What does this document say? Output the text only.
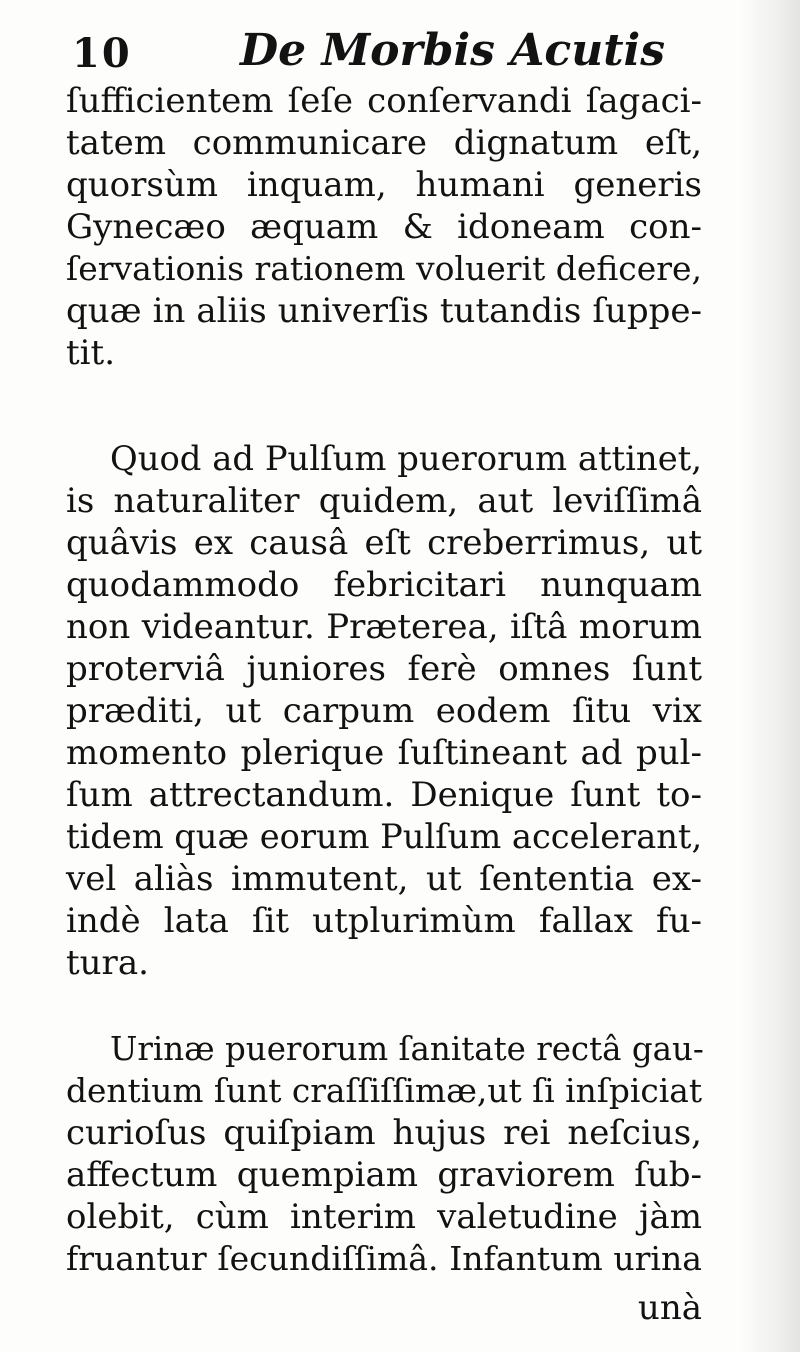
10 De Morbis Acutis

ſufficientem ſeſe conſervandi ſagaci-
tatem communicare dignatum eſt,
quorsùm inquam, humani generis
Gynecæo æquam & idoneam con-
ſervationis rationem voluerit deficere,
quæ in aliis univerſis tutandis ſuppe-
tit.

Quod ad Pulſum puerorum attinet,
is naturaliter quidem, aut leviſſimâ
quâvis ex causâ eſt creberrimus, ut
quodammodo febricitari nunquam
non videantur. Præterea, iſtâ morum
proterviâ juniores ferè omnes ſunt
præditi, ut carpum eodem ſitu vix
momento plerique ſuſtineant ad pul-
ſum attrectandum. Denique ſunt to-
tidem quæ eorum Pulſum accelerant,
vel aliàs immutent, ut ſententia ex-
indè lata ſit utplurimùm fallax fu-
tura.

Urinæ puerorum ſanitate rectâ gau-
dentium ſunt craſſiſſimæ,ut ſi inſpiciat
curioſus quiſpiam hujus rei neſcius,
affectum quempiam graviorem ſub-
olebit, cùm interim valetudine jàm
fruantur ſecundiſſimâ. Infantum urina

unà
